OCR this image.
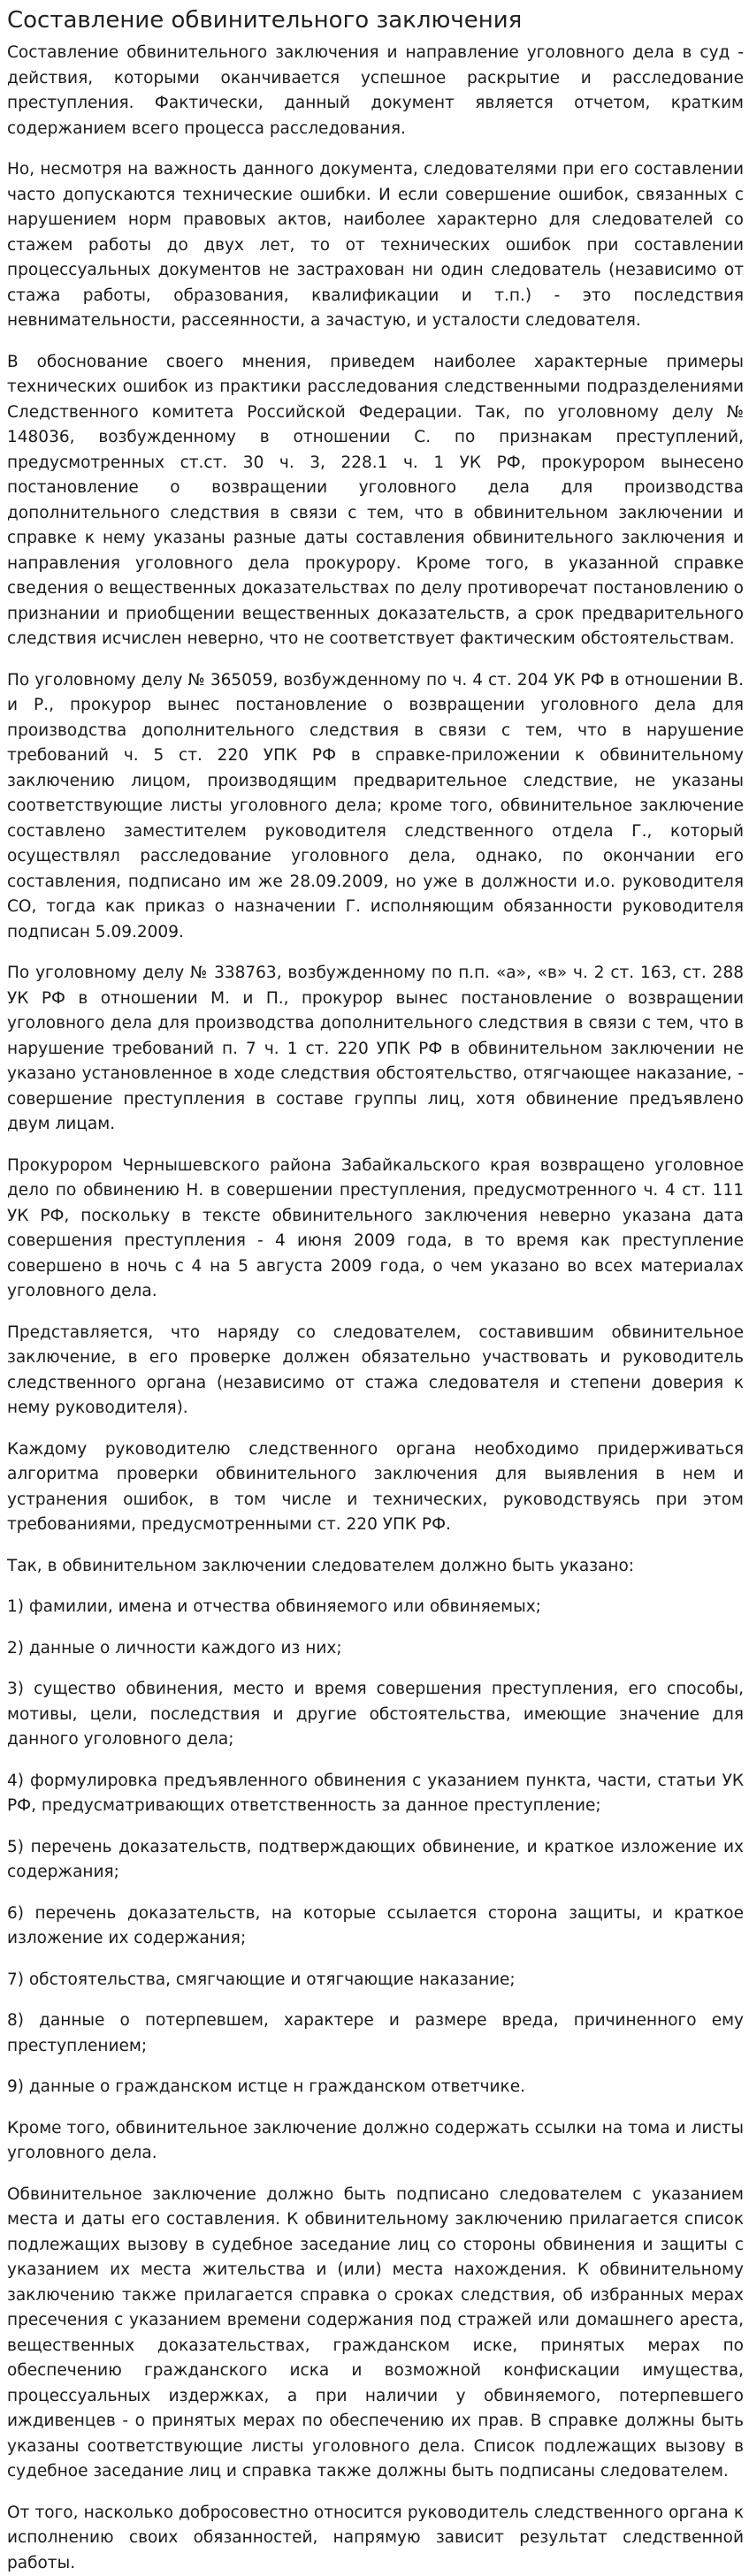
Составление обвинительного заключения

Составление обвинительного заключения и направление уголовного дела в суд - действия, которыми оканчивается успешное раскрытие и расследование преступления. Фактически, данный документ является отчетом, кратким содержанием всего процесса расследования.

Но, несмотря на важность данного документа, следователями при его составлении часто допускаются технические ошибки. И если совершение ошибок, связанных с нарушением норм правовых актов, наиболее характерно для следователей со стажем работы до двух лет, то от технических ошибок при составлении процессуальных документов не застрахован ни один следователь (независимо от стажа работы, образования, квалификации и т.п.) - это последствия невнимательности, рассеянности, а зачастую, и усталости следователя.

В обоснование своего мнения, приведем наиболее характерные примеры технических ошибок из практики расследования следственными подразделениями Следственного комитета Российской Федерации. Так, по уголовному делу № 148036, возбужденному в отношении С. по признакам преступлений, предусмотренных ст.ст. 30 ч. 3, 228.1 ч. 1 УК РФ, прокурором вынесено постановление о возвращении уголовного дела для производства дополнительного следствия в связи с тем, что в обвинительном заключении и справке к нему указаны разные даты составления обвинительного заключения и направления уголовного дела прокурору. Кроме того, в указанной справке сведения о вещественных доказательствах по делу противоречат постановлению о признании и приобщении вещественных доказательств, а срок предварительного следствия исчислен неверно, что не соответствует фактическим обстоятельствам.

По уголовному делу № 365059, возбужденному по ч. 4 ст. 204 УК РФ в отношении В. и Р., прокурор вынес постановление о возвращении уголовного дела для производства дополнительного следствия в связи с тем, что в нарушение требований ч. 5 ст. 220 УПК РФ в справке-приложении к обвинительному заключению лицом, производящим предварительное следствие, не указаны соответствующие листы уголовного дела; кроме того, обвинительное заключение составлено заместителем руководителя следственного отдела Г., который осуществлял расследование уголовного дела, однако, по окончании его составления, подписано им же 28.09.2009, но уже в должности и.о. руководителя СО, тогда как приказ о назначении Г. исполняющим обязанности руководителя подписан 5.09.2009.

По уголовному делу № 338763, возбужденному по п.п. «а», «в» ч. 2 ст. 163, ст. 288 УК РФ в отношении М. и П., прокурор вынес постановление о возвращении уголовного дела для производства дополнительного следствия в связи с тем, что в нарушение требований п. 7 ч. 1 ст. 220 УПК РФ в обвинительном заключении не указано установленное в ходе следствия обстоятельство, отягчающее наказание, - совершение преступления в составе группы лиц, хотя обвинение предъявлено двум лицам.

Прокурором Чернышевского района Забайкальского края возвращено уголовное дело по обвинению Н. в совершении преступления, предусмотренного ч. 4 ст. 111 УК РФ, поскольку в тексте обвинительного заключения неверно указана дата совершения преступления - 4 июня 2009 года, в то время как преступление совершено в ночь с 4 на 5 августа 2009 года, о чем указано во всех материалах уголовного дела.

Представляется, что наряду со следователем, составившим обвинительное заключение, в его проверке должен обязательно участвовать и руководитель следственного органа (независимо от стажа следователя и степени доверия к нему руководителя).

Каждому руководителю следственного органа необходимо придерживаться алгоритма проверки обвинительного заключения для выявления в нем и устранения ошибок, в том числе и технических, руководствуясь при этом требованиями, предусмотренными ст. 220 УПК РФ.

Так, в обвинительном заключении следователем должно быть указано:

1) фамилии, имена и отчества обвиняемого или обвиняемых;

2) данные о личности каждого из них;

3) существо обвинения, место и время совершения преступления, его способы, мотивы, цели, последствия и другие обстоятельства, имеющие значение для данного уголовного дела;

4) формулировка предъявленного обвинения с указанием пункта, части, статьи УК РФ, предусматривающих ответственность за данное преступление;

5) перечень доказательств, подтверждающих обвинение, и краткое изложение их содержания;

6) перечень доказательств, на которые ссылается сторона защиты, и краткое изложение их содержания;

7) обстоятельства, смягчающие и отягчающие наказание;

8) данные о потерпевшем, характере и размере вреда, причиненного ему преступлением;

9) данные о гражданском истце н гражданском ответчике.

Кроме того, обвинительное заключение должно содержать ссылки на тома и листы уголовного дела.

Обвинительное заключение должно быть подписано следователем с указанием места и даты его составления. К обвинительному заключению прилагается список подлежащих вызову в судебное заседание лиц со стороны обвинения и защиты с указанием их места жительства и (или) места нахождения. К обвинительному заключению также прилагается справка о сроках следствия, об избранных мерах пресечения с указанием времени содержания под стражей или домашнего ареста, вещественных доказательствах, гражданском иске, принятых мерах по обеспечению гражданского иска и возможной конфискации имущества, процессуальных издержках, а при наличии у обвиняемого, потерпевшего иждивенцев - о принятых мерах по обеспечению их прав. В справке должны быть указаны соответствующие листы уголовного дела. Список подлежащих вызову в судебное заседание лиц и справка также должны быть подписаны следователем.

От того, насколько добросовестно относится руководитель следственного органа к исполнению своих обязанностей, напрямую зависит результат следственной работы.
